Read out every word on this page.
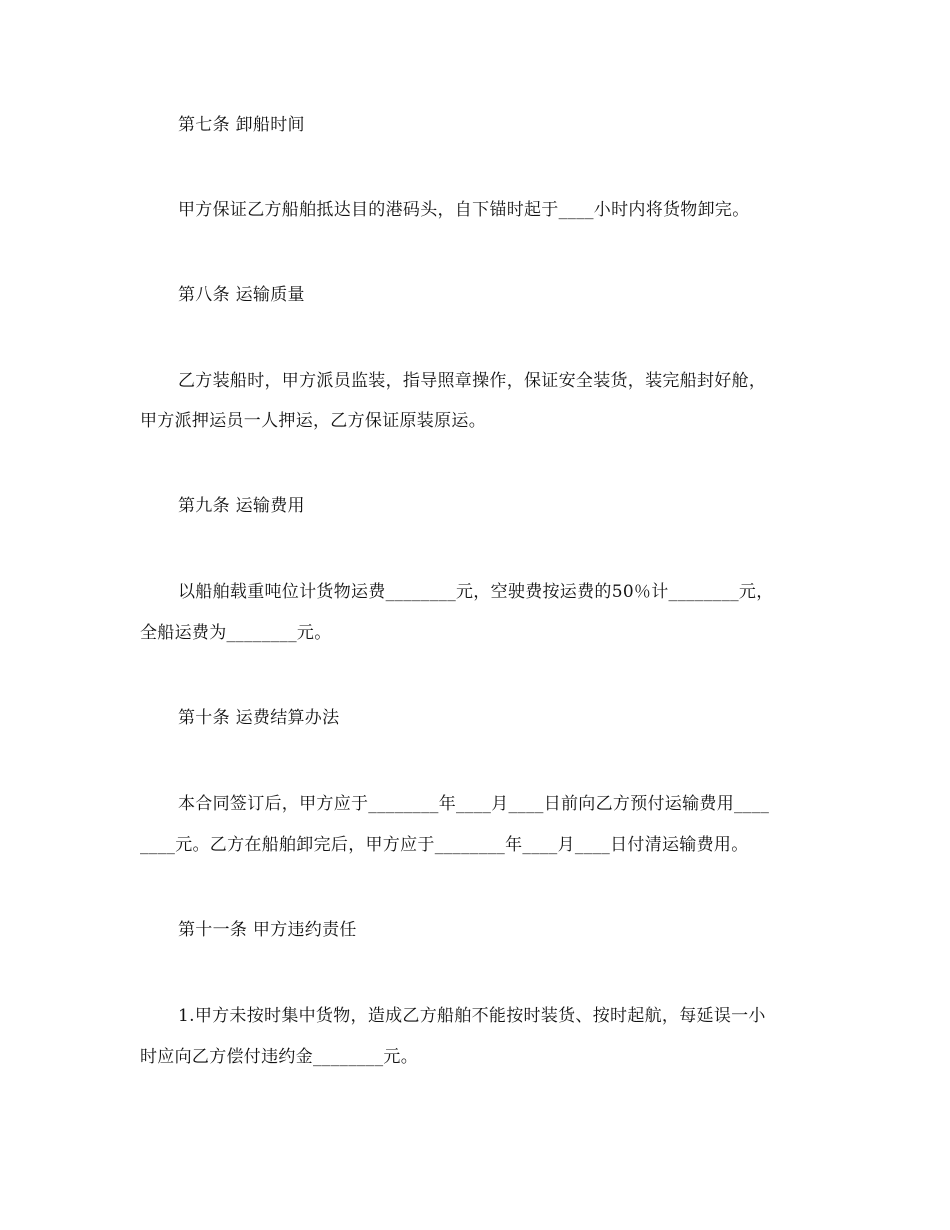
第七条 卸船时间
甲方保证乙方船舶抵达目的港码头，自下锚时起于____小时内将货物卸完。
第八条 运输质量
乙方装船时，甲方派员监装，指导照章操作，保证安全装货，装完船封好舱，
甲方派押运员一人押运，乙方保证原装原运。
第九条 运输费用
以船舶载重吨位计货物运费________元，空驶费按运费的50％计________元，
全船运费为________元。
第十条 运费结算办法
本合同签订后，甲方应于________年____月____日前向乙方预付运输费用____
____元。乙方在船舶卸完后，甲方应于________年____月____日付清运输费用。
第十一条 甲方违约责任
1.甲方未按时集中货物，造成乙方船舶不能按时装货、按时起航，每延误一小
时应向乙方偿付违约金________元。
